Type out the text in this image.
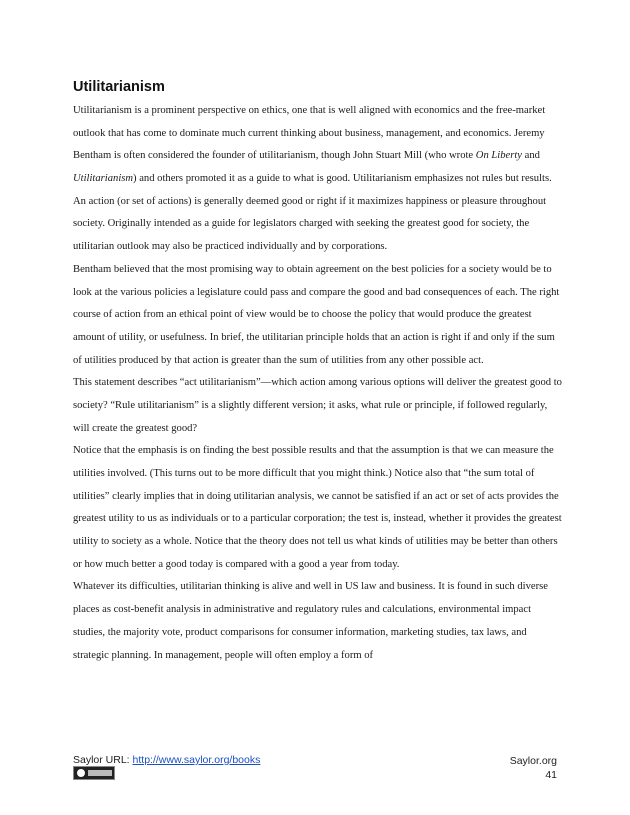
Utilitarianism

Utilitarianism is a prominent perspective on ethics, one that is well aligned with economics and the free-market outlook that has come to dominate much current thinking about business, management, and economics. Jeremy Bentham is often considered the founder of utilitarianism, though John Stuart Mill (who wrote On Liberty and Utilitarianism) and others promoted it as a guide to what is good. Utilitarianism emphasizes not rules but results. An action (or set of actions) is generally deemed good or right if it maximizes happiness or pleasure throughout society. Originally intended as a guide for legislators charged with seeking the greatest good for society, the utilitarian outlook may also be practiced individually and by corporations.

Bentham believed that the most promising way to obtain agreement on the best policies for a society would be to look at the various policies a legislature could pass and compare the good and bad consequences of each. The right course of action from an ethical point of view would be to choose the policy that would produce the greatest amount of utility, or usefulness. In brief, the utilitarian principle holds that an action is right if and only if the sum of utilities produced by that action is greater than the sum of utilities from any other possible act.

This statement describes “act utilitarianism”—which action among various options will deliver the greatest good to society? “Rule utilitarianism” is a slightly different version; it asks, what rule or principle, if followed regularly, will create the greatest good?

Notice that the emphasis is on finding the best possible results and that the assumption is that we can measure the utilities involved. (This turns out to be more difficult that you might think.) Notice also that “the sum total of utilities” clearly implies that in doing utilitarian analysis, we cannot be satisfied if an act or set of acts provides the greatest utility to us as individuals or to a particular corporation; the test is, instead, whether it provides the greatest utility to society as a whole. Notice that the theory does not tell us what kinds of utilities may be better than others or how much better a good today is compared with a good a year from today.

Whatever its difficulties, utilitarian thinking is alive and well in US law and business. It is found in such diverse places as cost-benefit analysis in administrative and regulatory rules and calculations, environmental impact studies, the majority vote, product comparisons for consumer information, marketing studies, tax laws, and strategic planning. In management, people will often employ a form of

Saylor URL: http://www.saylor.org/books	Saylor.org
41
